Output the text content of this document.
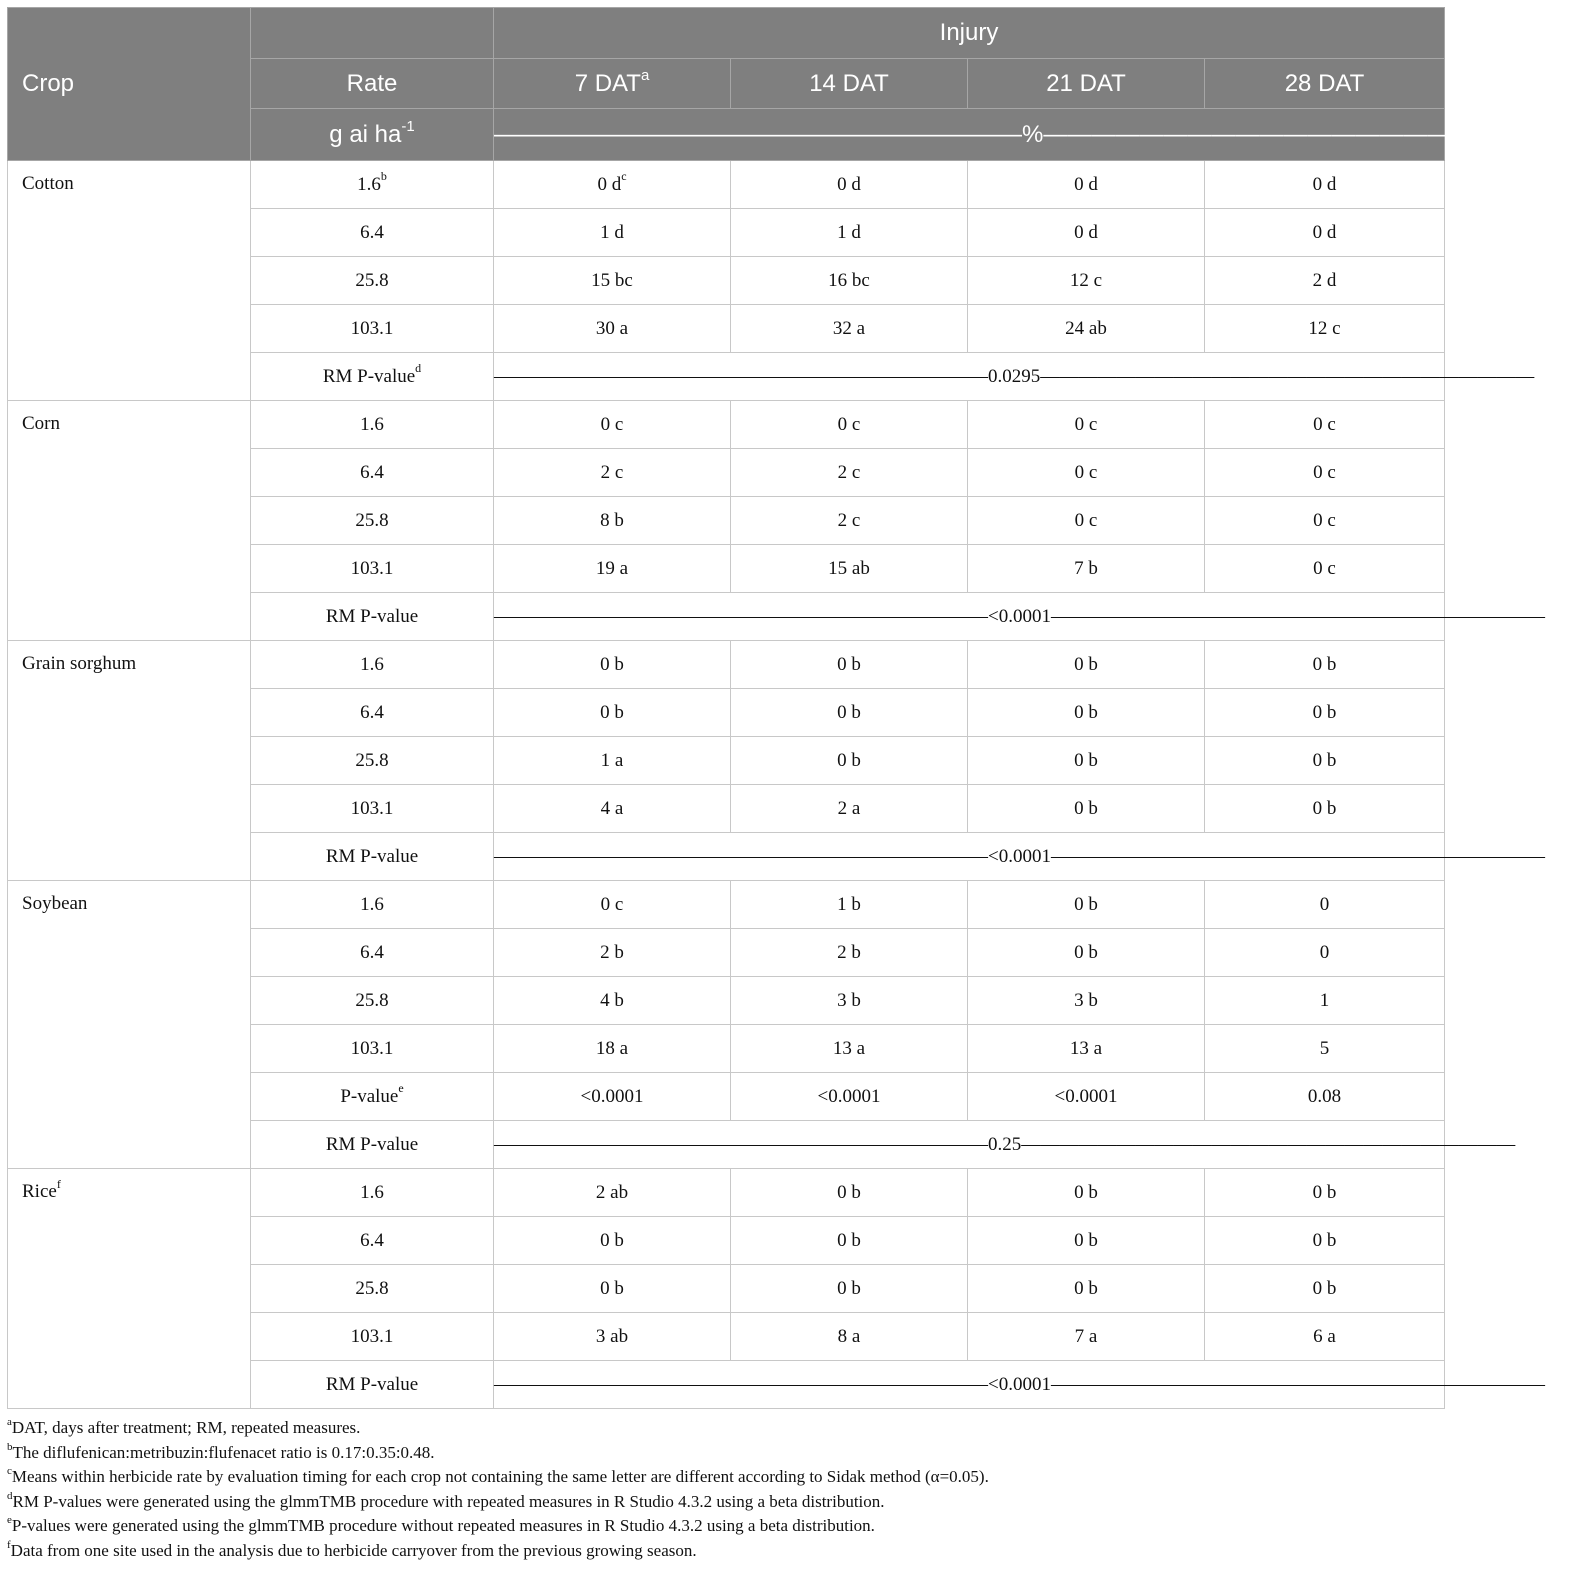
		Injury			
Crop	Rate	7 DAT$^a$	14 DAT	21 DAT	28 DAT
	g ai $ha^{-1}$	——————————————————————%——————————————————————			
Cotton	1.6$^b$	0 $d^c$	0 d	0 d	0 d
	6.4	1 d	1 d	0 d	0 d
	25.8	15 bc	16 bc	12 c	2 d
	103.1	30 a	32 a	24 ab	12 c
	RM P-value$^d$	——————————————————————————0.0295——————————————————————————			
Corn	1.6	0 c	0 c	0 c	0 c
	6.4	2 c	2 c	0 c	0 c
	25.8	8 b	2 c	0 c	0 c
	103.1	19 a	15 ab	7 b	0 c
	RM P-value	——————————————————————————<0.0001——————————————————————————			
Grain sorghum	1.6	0 b	0 b	0 b	0 b
	6.4	0 b	0 b	0 b	0 b
	25.8	1 a	0 b	0 b	0 b
	103.1	4 a	2 a	0 b	0 b
	RM P-value	——————————————————————————<0.0001——————————————————————————			
Soybean	1.6	0 c	1 b	0 b	0
	6.4	2 b	2 b	0 b	0
	25.8	4 b	3 b	3 b	1
	103.1	18 a	13 a	13 a	5
	P-value$^e$	<0.0001	<0.0001	<0.0001	0.08
	RM P-value	——————————————————————————0.25——————————————————————————			
Rice$^f$	1.6	2 ab	0 b	0 b	0 b
	6.4	0 b	0 b	0 b	0 b
	25.8	0 b	0 b	0 b	0 b
	103.1	3 ab	8 a	7 a	6 a
	RM P-value	——————————————————————————<0.0001——————————————————————————			

$^a$DAT, days after treatment; RM, repeated measures.

$^b$The diflufenican:metribuzin:flufenacet ratio is 0.17:0.35:0.48.

$^c$Means within herbicide rate by evaluation timing for each crop not containing the same letter are different according to Sidak method (α=0.05).

$^d$RM P-values were generated using the glmmTMB procedure with repeated measures in R Studio 4.3.2 using a beta distribution.

$^e$P-values were generated using the glmmTMB procedure without repeated measures in R Studio 4.3.2 using a beta distribution.

$^f$Data from one site used in the analysis due to herbicide carryover from the previous growing season.
